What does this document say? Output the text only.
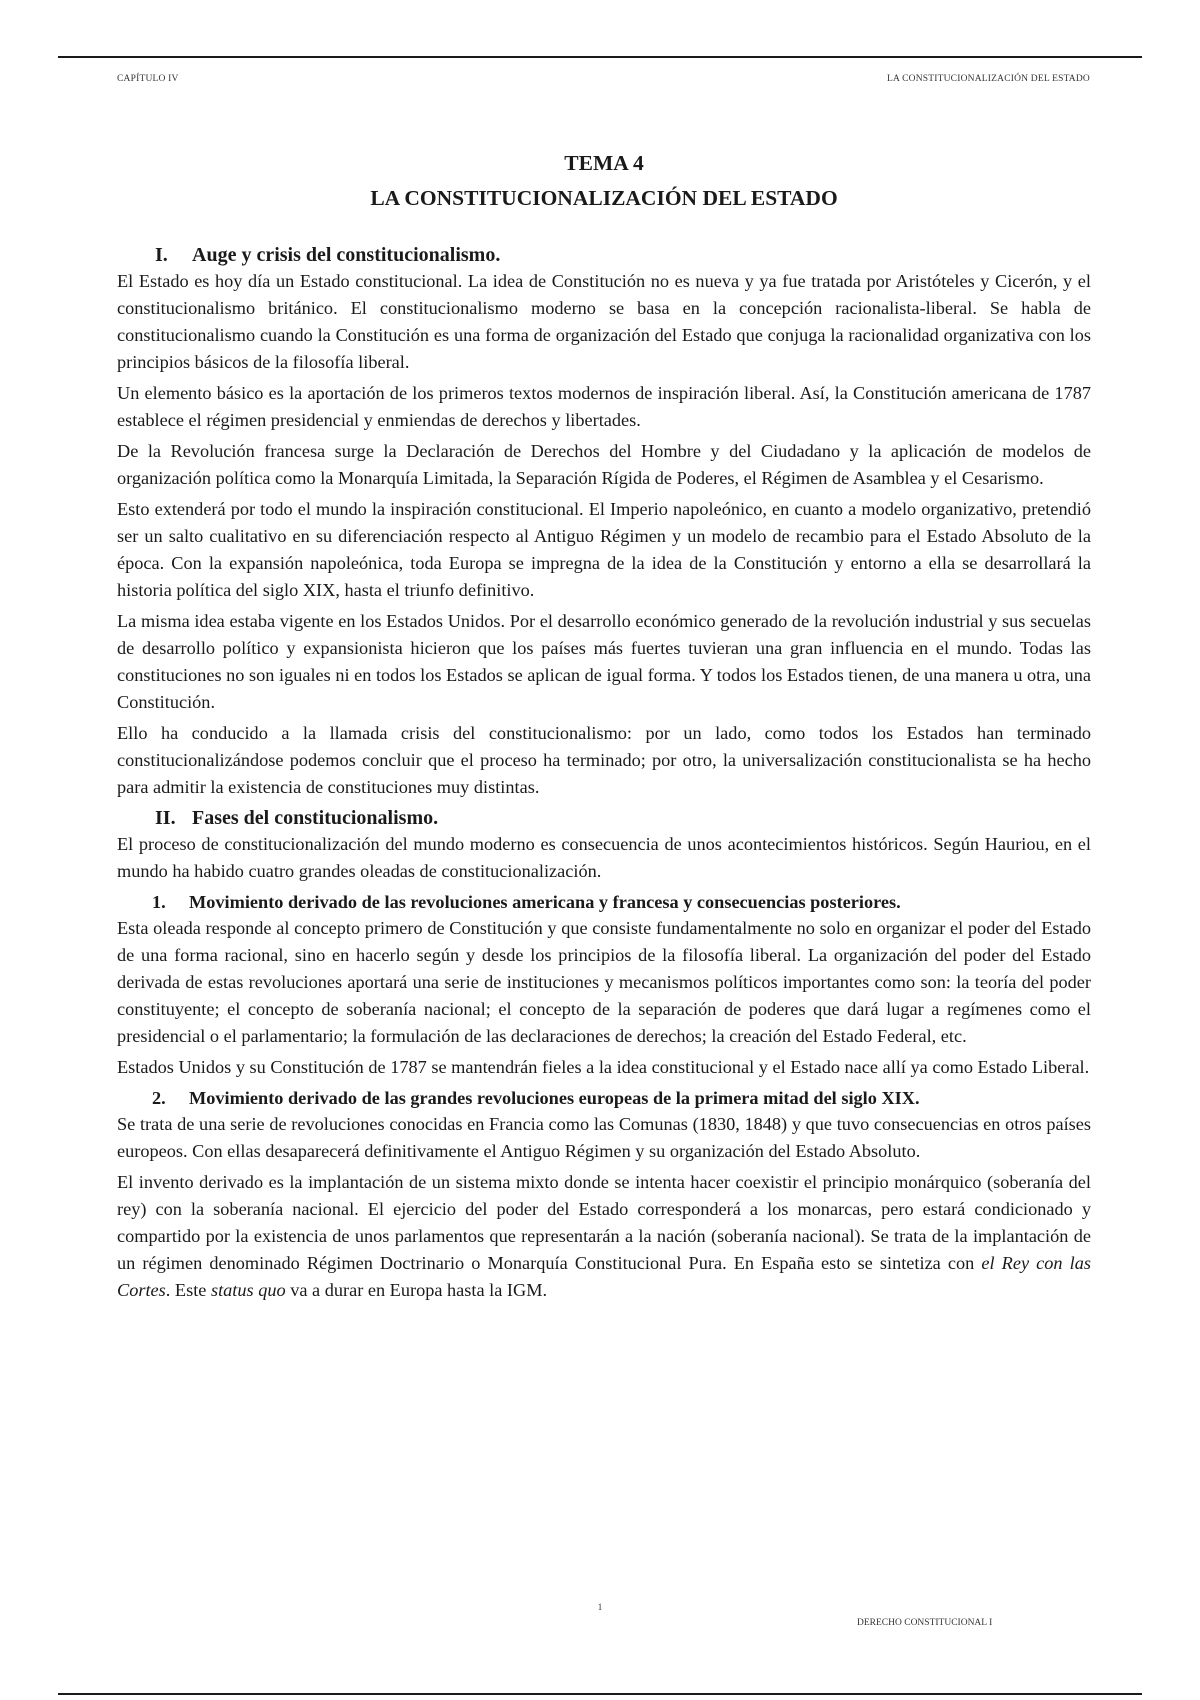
CAPÍTULO IV	LA CONSTITUCIONALIZACIÓN DEL ESTADO
TEMA 4
LA CONSTITUCIONALIZACIÓN DEL ESTADO
I.	Auge y crisis del constitucionalismo.

El Estado es hoy día un Estado constitucional. La idea de Constitución no es nueva y ya fue tratada por Aristóteles y Cicerón, y el constitucionalismo británico. El constitucionalismo moderno se basa en la concepción racionalista-liberal. Se habla de constitucionalismo cuando la Constitución es una forma de organización del Estado que conjuga la racionalidad organizativa con los principios básicos de la filosofía liberal.

Un elemento básico es la aportación de los primeros textos modernos de inspiración liberal. Así, la Constitución americana de 1787 establece el régimen presidencial y enmiendas de derechos y libertades.

De la Revolución francesa surge la Declaración de Derechos del Hombre y del Ciudadano y la aplicación de modelos de organización política como la Monarquía Limitada, la Separación Rígida de Poderes, el Régimen de Asamblea y el Cesarismo.

Esto extenderá por todo el mundo la inspiración constitucional. El Imperio napoleónico, en cuanto a modelo organizativo, pretendió ser un salto cualitativo en su diferenciación respecto al Antiguo Régimen y un modelo de recambio para el Estado Absoluto de la época. Con la expansión napoleónica, toda Europa se impregna de la idea de la Constitución y entorno a ella se desarrollará la historia política del siglo XIX, hasta el triunfo definitivo.

La misma idea estaba vigente en los Estados Unidos. Por el desarrollo económico generado de la revolución industrial y sus secuelas de desarrollo político y expansionista hicieron que los países más fuertes tuvieran una gran influencia en el mundo. Todas las constituciones no son iguales ni en todos los Estados se aplican de igual forma. Y todos los Estados tienen, de una manera u otra, una Constitución.

Ello ha conducido a la llamada crisis del constitucionalismo: por un lado, como todos los Estados han terminado constitucionalizándose podemos concluir que el proceso ha terminado; por otro, la universalización constitucionalista se ha hecho para admitir la existencia de constituciones muy distintas.

II. Fases del constitucionalismo.

El proceso de constitucionalización del mundo moderno es consecuencia de unos acontecimientos históricos. Según Hauriou, en el mundo ha habido cuatro grandes oleadas de constitucionalización.

1. Movimiento derivado de las revoluciones americana y francesa y consecuencias posteriores.

Esta oleada responde al concepto primero de Constitución y que consiste fundamentalmente no solo en organizar el poder del Estado de una forma racional, sino en hacerlo según y desde los principios de la filosofía liberal. La organización del poder del Estado derivada de estas revoluciones aportará una serie de instituciones y mecanismos políticos importantes como son: la teoría del poder constituyente; el concepto de soberanía nacional; el concepto de la separación de poderes que dará lugar a regímenes como el presidencial o el parlamentario; la formulación de las declaraciones de derechos; la creación del Estado Federal, etc.

Estados Unidos y su Constitución de 1787 se mantendrán fieles a la idea constitucional y el Estado nace allí ya como Estado Liberal.

2. Movimiento derivado de las grandes revoluciones europeas de la primera mitad del siglo XIX.

Se trata de una serie de revoluciones conocidas en Francia como las Comunas (1830, 1848) y que tuvo consecuencias en otros países europeos. Con ellas desaparecerá definitivamente el Antiguo Régimen y su organización del Estado Absoluto.

El invento derivado es la implantación de un sistema mixto donde se intenta hacer coexistir el principio monárquico (soberanía del rey) con la soberanía nacional. El ejercicio del poder del Estado corresponderá a los monarcas, pero estará condicionado y compartido por la existencia de unos parlamentos que representarán a la nación (soberanía nacional). Se trata de la implantación de un régimen denominado Régimen Doctrinario o Monarquía Constitucional Pura. En España esto se sintetiza con el Rey con las Cortes. Este status quo va a durar en Europa hasta la IGM.

1
DERECHO CONSTITUCIONAL I
